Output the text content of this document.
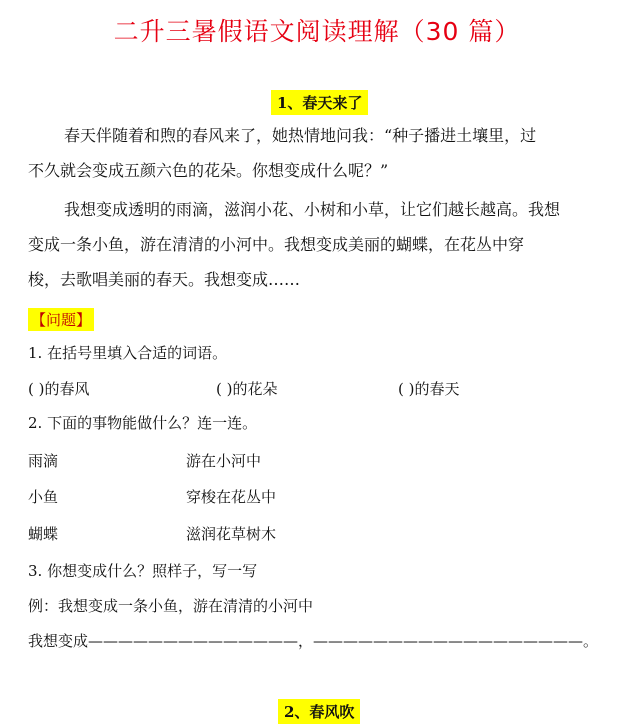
二升三暑假语文阅读理解（30 篇）
1、春天来了
春天伴随着和煦的春风来了，她热情地问我：“种子播进土壤里，过
不久就会变成五颜六色的花朵。你想变成什么呢？”
我想变成透明的雨滴，滋润小花、小树和小草，让它们越长越高。我想
变成一条小鱼，游在清清的小河中。我想变成美丽的蝴蝶，在花丛中穿
梭，去歌唱美丽的春天。我想变成……
【问题】
1. 在括号里填入合适的词语。
( )的春风	( )的花朵	( )的春天
2. 下面的事物能做什么？连一连。
雨滴	游在小河中
小鱼	穿梭在花丛中
蝴蝶	滋润花草树木
3. 你想变成什么？照样子，写一写
例：我想变成一条小鱼，游在清清的小河中
我想变成——————————————，——————————————————。
2、春风吹
